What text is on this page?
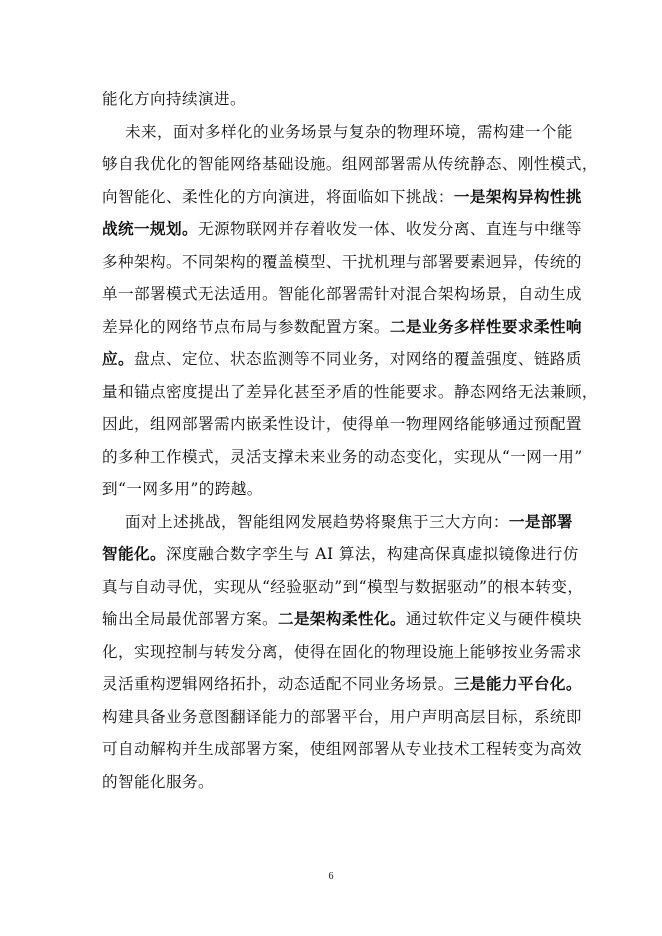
能化方向持续演进。
未来，面对多样化的业务场景与复杂的物理环境，需构建一个能
够自我优化的智能网络基础设施。组网部署需从传统静态、刚性模式，
向智能化、柔性化的方向演进，将面临如下挑战：一是架构异构性挑
战统一规划。无源物联网并存着收发一体、收发分离、直连与中继等
多种架构。不同架构的覆盖模型、干扰机理与部署要素迥异，传统的
单一部署模式无法适用。智能化部署需针对混合架构场景，自动生成
差异化的网络节点布局与参数配置方案。二是业务多样性要求柔性响
应。盘点、定位、状态监测等不同业务，对网络的覆盖强度、链路质
量和锚点密度提出了差异化甚至矛盾的性能要求。静态网络无法兼顾，
因此，组网部署需内嵌柔性设计，使得单一物理网络能够通过预配置
的多种工作模式，灵活支撑未来业务的动态变化，实现从“一网一用”
到“一网多用”的跨越。
面对上述挑战，智能组网发展趋势将聚焦于三大方向：一是部署
智能化。深度融合数字孪生与 AI 算法，构建高保真虚拟镜像进行仿
真与自动寻优，实现从“经验驱动”到“模型与数据驱动”的根本转变，
输出全局最优部署方案。二是架构柔性化。通过软件定义与硬件模块
化，实现控制与转发分离，使得在固化的物理设施上能够按业务需求
灵活重构逻辑网络拓扑，动态适配不同业务场景。三是能力平台化。
构建具备业务意图翻译能力的部署平台，用户声明高层目标，系统即
可自动解构并生成部署方案，使组网部署从专业技术工程转变为高效
的智能化服务。
6
